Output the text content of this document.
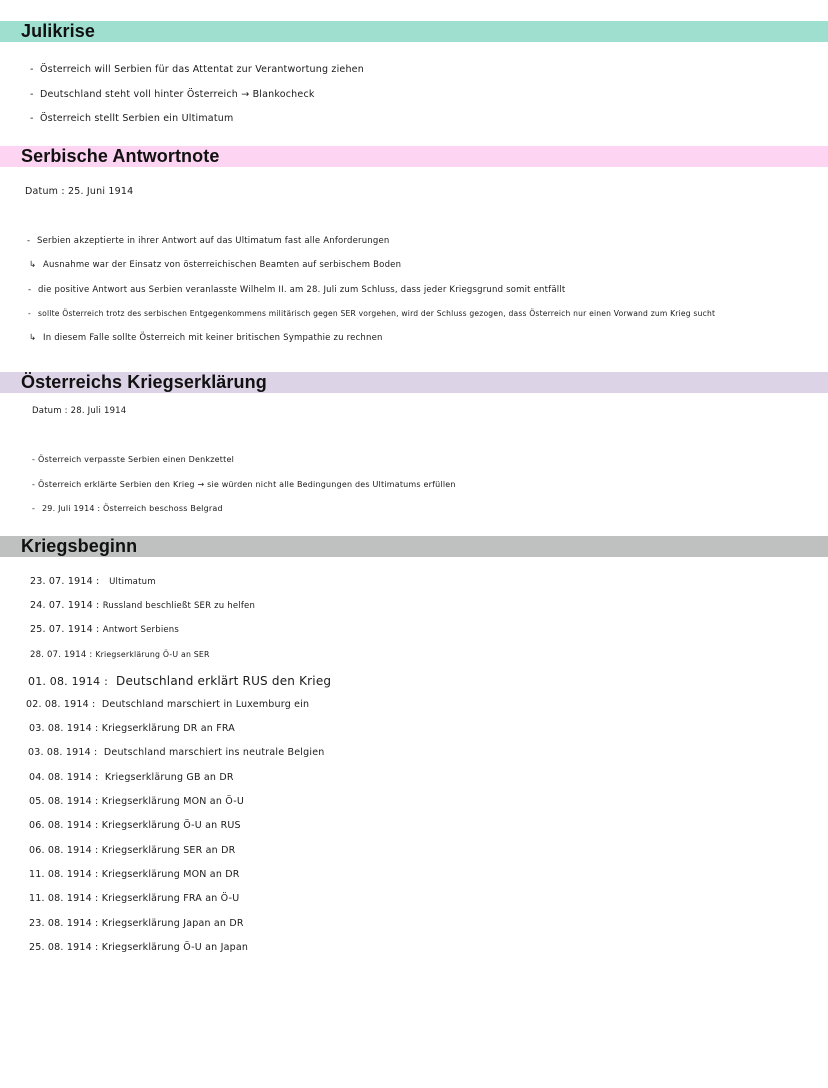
Julikrise
- Österreich will Serbien für das Attentat zur Verantwortung ziehen
- Deutschland steht voll hinter Österreich → Blankocheck
- Österreich stellt Serbien ein Ultimatum
Serbische Antwortnote
Datum : 25. Juni 1914
- Serbien akzeptierte in ihrer Antwort auf das Ultimatum fast alle Anforderungen
↳ Ausnahme war der Einsatz von österreichischen Beamten auf serbischem Boden
- die positive Antwort aus Serbien veranlasste Wilhelm II. am 28. Juli zum Schluss, dass jeder Kriegsgrund somit entfällt
- sollte Österreich trotz des serbischen Entgegenkommens militärisch gegen SER vorgehen, wird der Schluss gezogen, dass Österreich nur einen Vorwand zum Krieg sucht
↳ In diesem Falle sollte Österreich mit keiner britischen Sympathie zu rechnen
Österreichs Kriegserklärung
Datum : 28. Juli 1914
- Österreich verpasste Serbien einen Denkzettel
- Österreich erklärte Serbien den Krieg → sie würden nicht alle Bedingungen des Ultimatums erfüllen
- 29. Juli 1914 : Österreich beschoss Belgrad
Kriegsbeginn
23. 07. 1914 : Ultimatum
24. 07. 1914 : Russland beschließt SER zu helfen
25. 07. 1914 : Antwort Serbiens
28. 07. 1914 : Kriegserklärung Ö-U an SER
01. 08. 1914 : Deutschland erklärt RUS den Krieg
02. 08. 1914 : Deutschland marschiert in Luxemburg ein
03. 08. 1914 : Kriegserklärung DR an FRA
03. 08. 1914 : Deutschland marschiert ins neutrale Belgien
04. 08. 1914 : Kriegserklärung GB an DR
05. 08. 1914 : Kriegserklärung MON an Ö-U
06. 08. 1914 : Kriegserklärung Ö-U an RUS
06. 08. 1914 : Kriegserklärung SER an DR
11. 08. 1914 : Kriegserklärung MON an DR
11. 08. 1914 : Kriegserklärung FRA an Ö-U
23. 08. 1914 : Kriegserklärung Japan an DR
25. 08. 1914 : Kriegserklärung Ö-U an Japan
